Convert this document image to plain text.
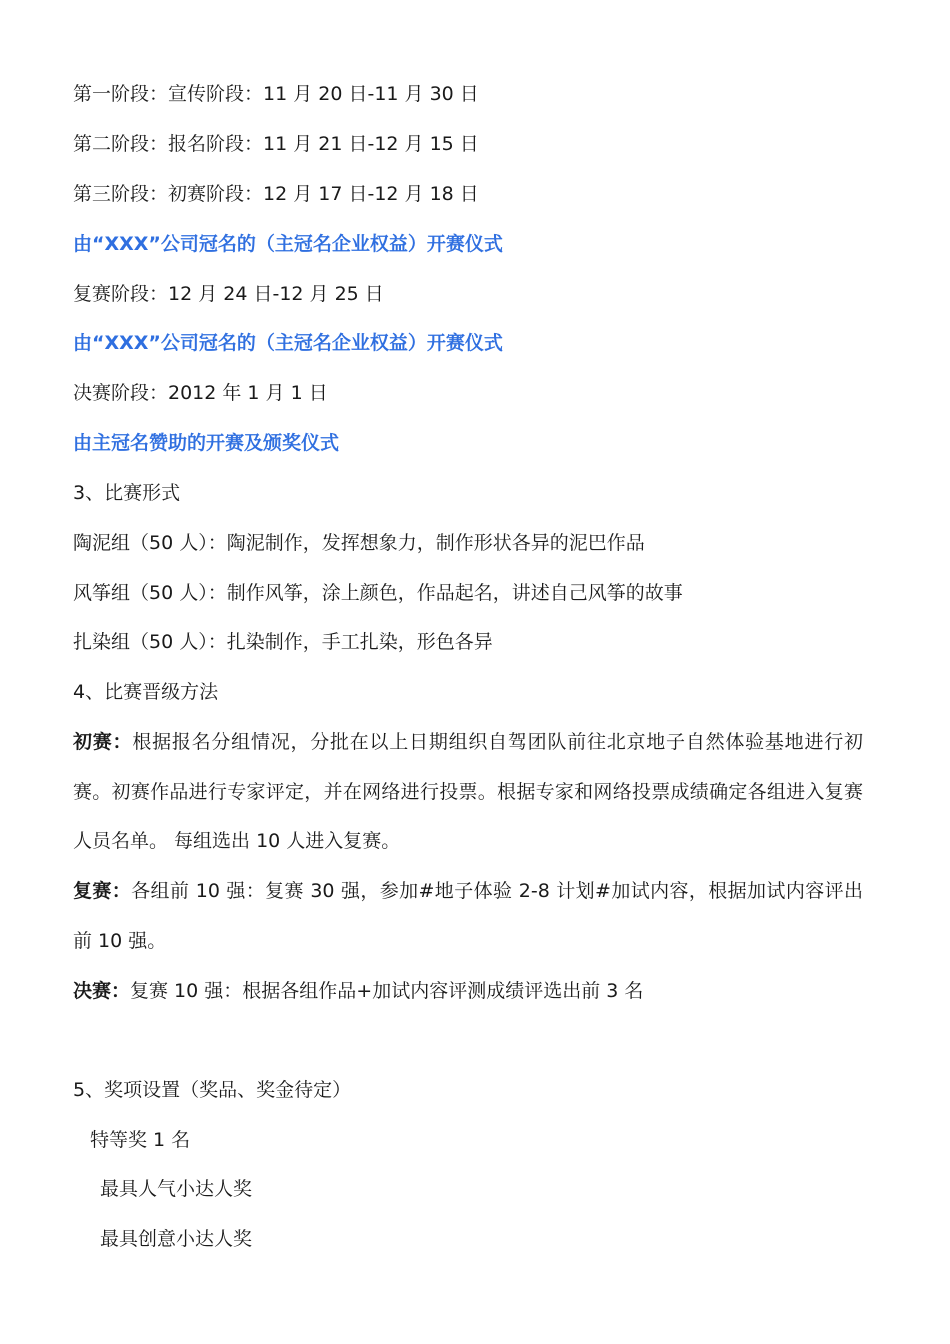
第一阶段：宣传阶段：11 月 20 日-11 月 30 日
第二阶段：报名阶段：11 月 21 日-12 月 15 日
第三阶段：初赛阶段：12 月 17 日-12 月 18 日
由“XXX”公司冠名的（主冠名企业权益）开赛仪式
复赛阶段：12 月 24 日-12 月 25 日
由“XXX”公司冠名的（主冠名企业权益）开赛仪式
决赛阶段：2012 年 1 月 1 日
由主冠名赞助的开赛及颁奖仪式
3、比赛形式
陶泥组（50 人）：陶泥制作，发挥想象力，制作形状各异的泥巴作品
风筝组（50 人）：制作风筝，涂上颜色，作品起名，讲述自己风筝的故事
扎染组（50 人）：扎染制作，手工扎染，形色各异
4、比赛晋级方法
初赛：根据报名分组情况，分批在以上日期组织自驾团队前往北京地子自然体验基地进行初赛。初赛作品进行专家评定，并在网络进行投票。根据专家和网络投票成绩确定各组进入复赛人员名单。 每组选出 10 人进入复赛。
复赛：各组前 10 强：复赛 30 强，参加#地子体验 2-8 计划#加试内容，根据加试内容评出前 10 强。
决赛：复赛 10 强：根据各组作品+加试内容评测成绩评选出前 3 名
5、奖项设置（奖品、奖金待定）
特等奖 1 名
最具人气小达人奖
最具创意小达人奖
